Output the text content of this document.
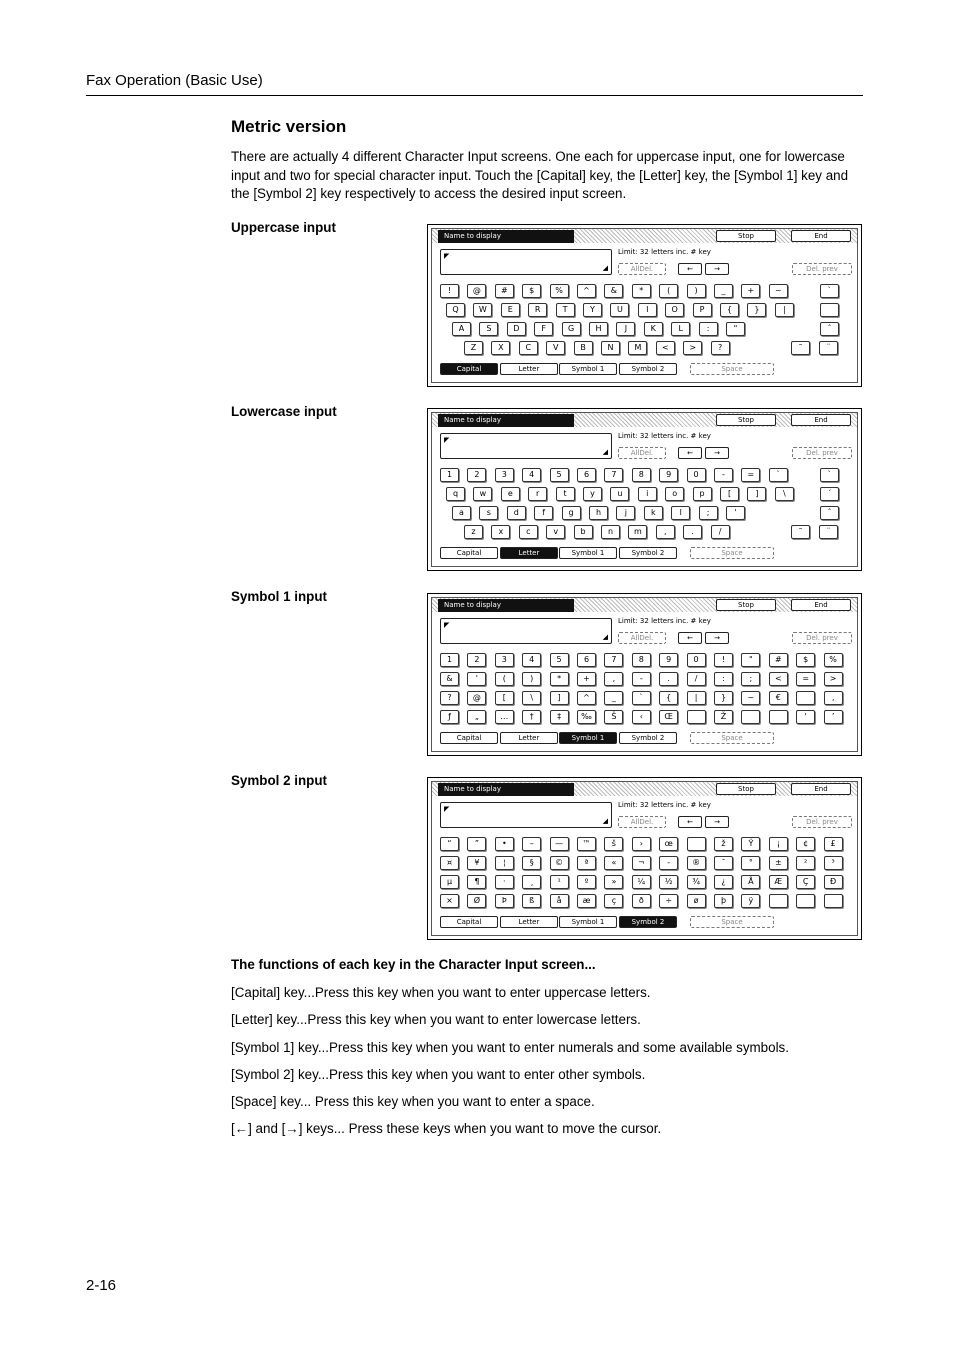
Fax Operation (Basic Use)
Metric version
There are actually 4 different Character Input screens. One each for uppercase input, one for lowercase input and two for special character input. Touch the [Capital] key, the [Letter] key, the [Symbol 1] key and the [Symbol 2] key respectively to access the desired input screen.
Uppercase input
Lowercase input
Symbol 1 input
Symbol 2 input
Name to display	Stop	End
◤
◢
Limit: 32 letters inc. # key
AllDel.	←	→	Del. prev
!	@	#	$	%	^	&	*	(	)	_	+	~
Q	W	E	R	T	Y	U	I	O	P	{	}	|
A	S	D	F	G	H	J	K	L	:	"
Z	X	C	V	B	N	M	<	>	?
`
ˆ
˜	¨
Capital	Letter	Symbol 1	Symbol 2	Space
Name to display	Stop	End
◤
◢
Limit: 32 letters inc. # key
AllDel.	←	→	Del. prev
1	2	3	4	5	6	7	8	9	0	-	=	`
q	w	e	r	t	y	u	i	o	p	[	]	\
a	s	d	f	g	h	j	k	l	;	'
z	x	c	v	b	n	m	,	.	/
`
´
ˆ
˜	¨
Capital	Letter	Symbol 1	Symbol 2	Space
Name to display	Stop	End
◤
◢
Limit: 32 letters inc. # key
AllDel.	←	→	Del. prev
1	2	3	4	5	6	7	8	9	0	!	"	#	$	%
&	'	(	)	*	+	,	-	.	/	:	;	<	=	>
?	@	[	\	]	^	_	`	{	|	}	~	€	‚
ƒ	„	…	†	‡	‰	Š	‹	Œ	Ž	‘	’
Capital	Letter	Symbol 1	Symbol 2	Space
Name to display	Stop	End
◤
◢
Limit: 32 letters inc. # key
AllDel.	←	→	Del. prev
“	”	•	–	—	™	š	›	œ	ž	Ÿ	¡	¢	£
¤	¥	¦	§	©	ª	«	¬	-	®	¯	°	±	²	³
µ	¶	·	¸	¹	º	»	¼	½	¾	¿	Å	Æ	Ç	Ð
×	Ø	Þ	ß	å	æ	ç	ð	÷	ø	þ	ÿ
Capital	Letter	Symbol 1	Symbol 2	Space
The functions of each key in the Character Input screen...
[Capital] key...Press this key when you want to enter uppercase letters.
[Letter] key...Press this key when you want to enter lowercase letters.
[Symbol 1] key...Press this key when you want to enter numerals and some available symbols.
[Symbol 2] key...Press this key when you want to enter other symbols.
[Space] key... Press this key when you want to enter a space.
[←] and [→] keys... Press these keys when you want to move the cursor.
2-16
